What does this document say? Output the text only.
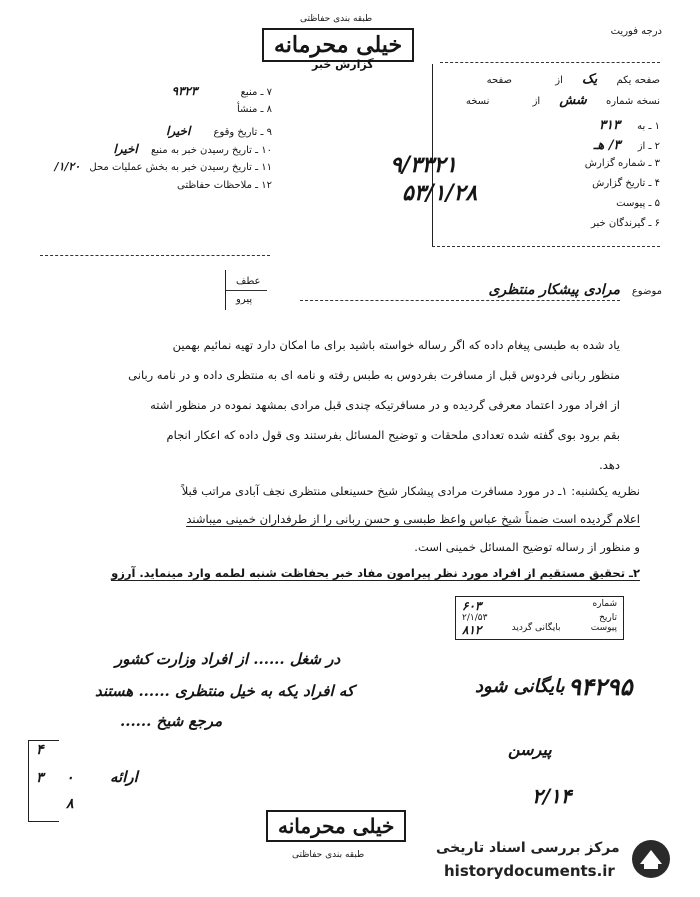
طبقه بندی حفاظتی
خیلی محرمانه
گزارش خبر
درجه فوریت
صفحه یکم یک از صفحه
نسخه شماره شش از نسخه
۱ ـ به ۳۱۳
۲ ـ از ۳/ هـ
۳ ـ شماره گزارش
۴ ـ تاریخ گزارش
۵ ـ پیوست
۶ ـ گیرندگان خبر
۷ ـ منبع ۹۳۲۳
۸ ـ منشأ
۹ ـ تاریخ وقوع اخیرا
۱۰ ـ تاریخ رسیدن خبر به منبع اخیرا
۱۱ ـ تاریخ رسیدن خبر به بخش عملیات محل ۱/۲۰/
۱۲ ـ ملاحظات حفاظتی
۹/۳۳۲۱
۵۳/۱/۲۸
عطف
پیرو
موضوع مرادی پیشکار منتظری
یاد شده به طبسی پیغام داده که اگر رساله خواسته باشید برای ما امکان دارد تهیه نمائیم بهمین
منظور ربانی فردوس قبل از مسافرت بفردوس به طبس رفته و نامه ای به منتظری داده و در نامه ربانی
از افراد مورد اعتماد معرفی گردیده و در مسافرتیکه چندی قبل مرادی بمشهد نموده در منظور اشته
بقم برود بوی گفته شده تعدادی ملحقات و توضیح المسائل بفرستند وی قول داده که اعکار انجام
دهد.
نظریه یکشنبه: ۱ـ در مورد مسافرت مرادی پیشکار شیخ حسینعلی منتظری نجف آبادی مراتب قبلاً
اعلام گردیده است ضمناً شیخ عباس واعظ طبسی و حسن ربانی را از طرفداران خمینی میباشند
و منظور از رساله توضیح المسائل خمینی است.
۲ـ تحقیق مستقیم از افراد مورد نظر پیرامون مفاد خبر بحفاظت شنبه لطمه وارد مینماید. آرزو
شماره
۶۰۳
تاریخ
۲/۱/۵۳
پیوست
بایگانی گردید
۸۱۲
در شغل ...... از افراد وزارت کشور
که افراد یکه به خیل منتظری ...... هستند
مرجع شیخ ......
ارائه
۴
۳ ۰
۸
بایگانی شود ۹۴۲۹۵
پیرسن
۲/۱۴
خیلی محرمانه
طبقه بندی حفاظتی	مرکز بررسی اسناد تاریخی
historydocuments.ir
